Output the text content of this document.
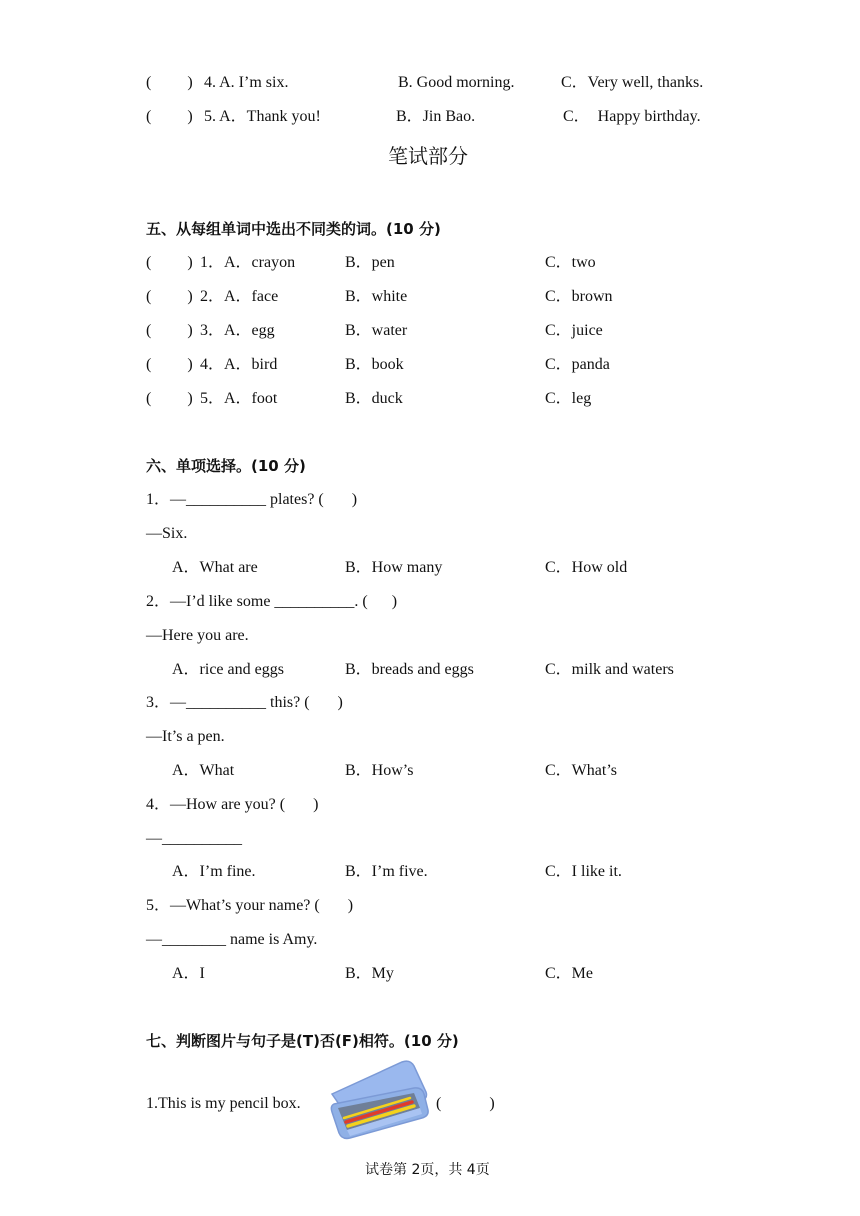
(         ) 4. A. I’m six.	B. Good morning.	C．Very well, thanks.
(         ) 5. A．Thank you!	B．Jin Bao.	C．  Happy birthday.
笔试部分
五、从每组单词中选出不同类的词。(10 分)
(         ) 1．A．crayon	B．pen	C．two
(         ) 2．A．face	B．white	C．brown
(         ) 3．A．egg	B．water	C．juice
(         ) 4．A．bird	B．book	C．panda
(         ) 5．A．foot	B．duck	C．leg
六、单项选择。(10 分)
1．—__________ plates? (       )
—Six.
A．What are	B．How many	C．How old
2．—I’d like some __________. (      )
—Here you are.
A．rice and eggs	B．breads and eggs	C．milk and waters
3．—__________ this? (       )
—It’s a pen.
A．What	B．How’s	C．What’s
4．—How are you? (       )
—__________
A．I’m fine.	B．I’m five.	C．I like it.
5．—What’s your name? (       )
—________ name is Amy.
A．I	B．My	C．Me
七、判断图片与句子是(T)否(F)相符。(10 分)
1.This is my pencil box.	(            )
试卷第 2页，共 4页
